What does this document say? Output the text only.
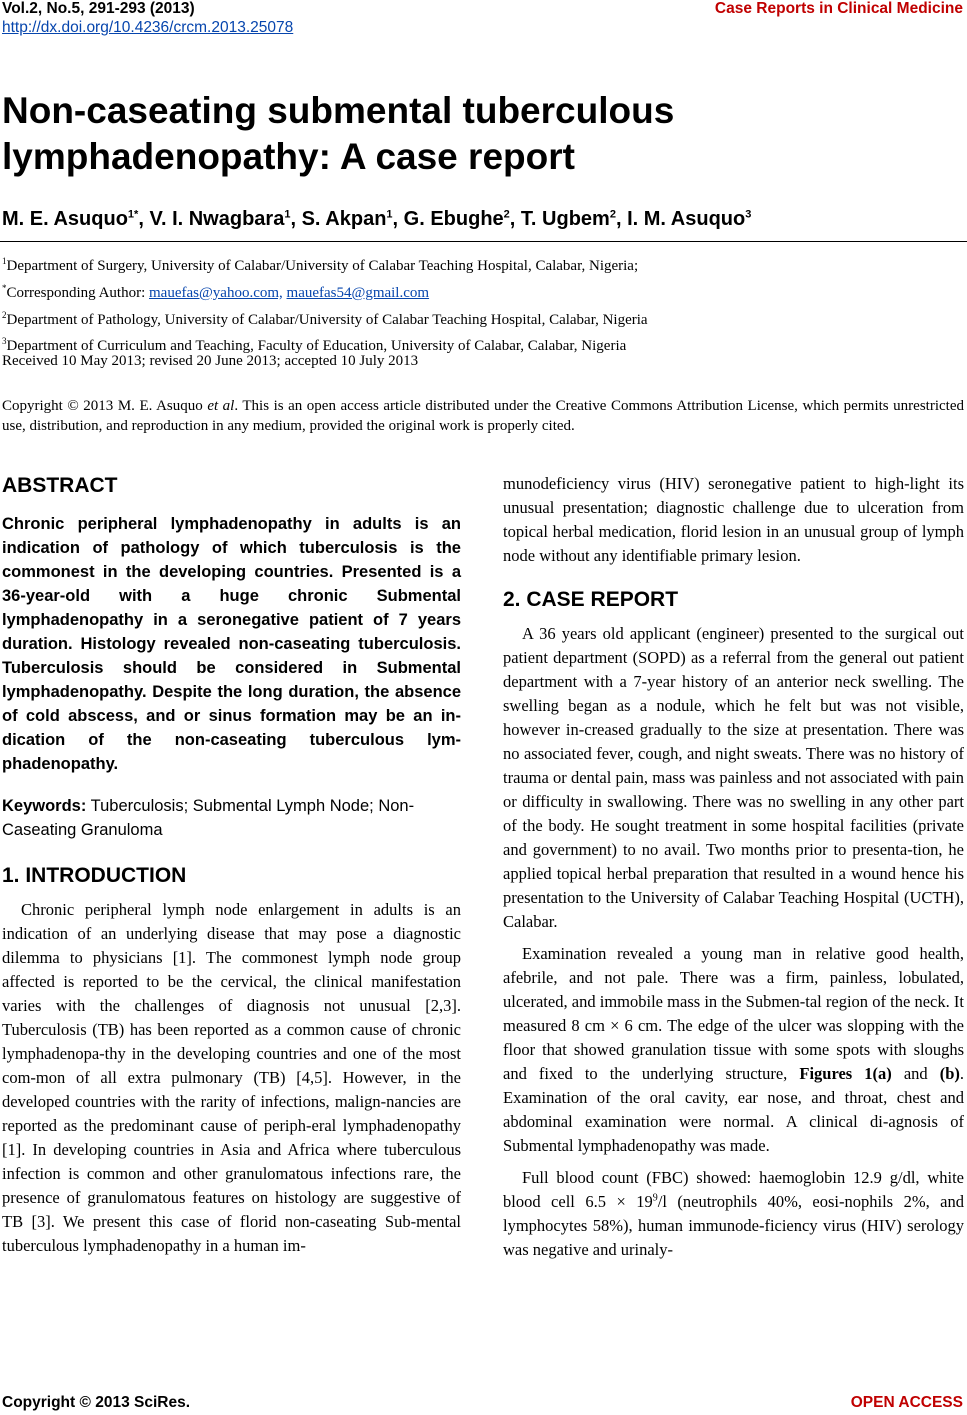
Vol.2, No.5, 291-293 (2013)
http://dx.doi.org/10.4236/crcm.2013.25078
Case Reports in Clinical Medicine
Non-caseating submental tuberculous
lymphadenopathy: A case report
M. E. Asuquo$^{1*}$, V. I. Nwagbara$^1$, S. Akpan$^1$, G. Ebughe$^2$, T. Ugbem$^2$, I. M. Asuquo$^3$
$^1$Department of Surgery, University of Calabar/University of Calabar Teaching Hospital, Calabar, Nigeria;
*Corresponding Author: mauefas@yahoo.com, mauefas54@gmail.com
$^2$Department of Pathology, University of Calabar/University of Calabar Teaching Hospital, Calabar, Nigeria
$^3$Department of Curriculum and Teaching, Faculty of Education, University of Calabar, Calabar, Nigeria
Received 10 May 2013; revised 20 June 2013; accepted 10 July 2013
Copyright © 2013 M. E. Asuquo et al. This is an open access article distributed under the Creative Commons Attribution License, which permits unrestricted use, distribution, and reproduction in any medium, provided the original work is properly cited.
ABSTRACT

Chronic peripheral lymphadenopathy in adults is an indication of pathology of which tuberculosis is the commonest in the developing countries. Presented is a 36-year-old with a huge chronic Submental lymphadenopathy in a seronegative patient of 7 years duration. Histology revealed non-caseating tuberculosis. Tuberculosis should be considered in Submental lymphadenopathy. Despite the long duration, the absence of cold abscess, and or sinus formation may be an in-dication of the non-caseating tuberculous lym-phadenopathy.

Keywords: Tuberculosis; Submental Lymph Node; Non-Caseating Granuloma

1. INTRODUCTION

Chronic peripheral lymph node enlargement in adults is an indication of an underlying disease that may pose a diagnostic dilemma to physicians [1]. The commonest lymph node group affected is reported to be the cervical, the clinical manifestation varies with the challenges of diagnosis not unusual [2,3]. Tuberculosis (TB) has been reported as a common cause of chronic lymphadenopa-thy in the developing countries and one of the most com-mon of all extra pulmonary (TB) [4,5]. However, in the developed countries with the rarity of infections, malign-nancies are reported as the predominant cause of periph-eral lymphadenopathy [1]. In developing countries in Asia and Africa where tuberculous infection is common and other granulomatous infections rare, the presence of granulomatous features on histology are suggestive of TB [3]. We present this case of florid non-caseating Sub-mental tuberculous lymphadenopathy in a human im-

munodeficiency virus (HIV) seronegative patient to high-light its unusual presentation; diagnostic challenge due to ulceration from topical herbal medication, florid lesion in an unusual group of lymph node without any identifiable primary lesion.

2. CASE REPORT

A 36 years old applicant (engineer) presented to the surgical out patient department (SOPD) as a referral from the general out patient department with a 7-year history of an anterior neck swelling. The swelling began as a nodule, which he felt but was not visible, however in-creased gradually to the size at presentation. There was no associated fever, cough, and night sweats. There was no history of trauma or dental pain, mass was painless and not associated with pain or difficulty in swallowing. There was no swelling in any other part of the body. He sought treatment in some hospital facilities (private and government) to no avail. Two months prior to presenta-tion, he applied topical herbal preparation that resulted in a wound hence his presentation to the University of Calabar Teaching Hospital (UCTH), Calabar.

Examination revealed a young man in relative good health, afebrile, and not pale. There was a firm, painless, lobulated, ulcerated, and immobile mass in the Submen-tal region of the neck. It measured 8 cm × 6 cm. The edge of the ulcer was slopping with the floor that showed granulation tissue with some spots with sloughs and fixed to the underlying structure, Figures 1(a) and (b). Examination of the oral cavity, ear nose, and throat, chest and abdominal examination were normal. A clinical di-agnosis of Submental lymphadenopathy was made.

Full blood count (FBC) showed: haemoglobin 12.9 g/dl, white blood cell $6.5 \times 19^9/l$ (neutrophils 40%, eosi-nophils 2%, and lymphocytes 58%), human immunode-ficiency virus (HIV) serology was negative and urinaly-

Copyright © 2013 SciRes.	OPEN ACCESS
